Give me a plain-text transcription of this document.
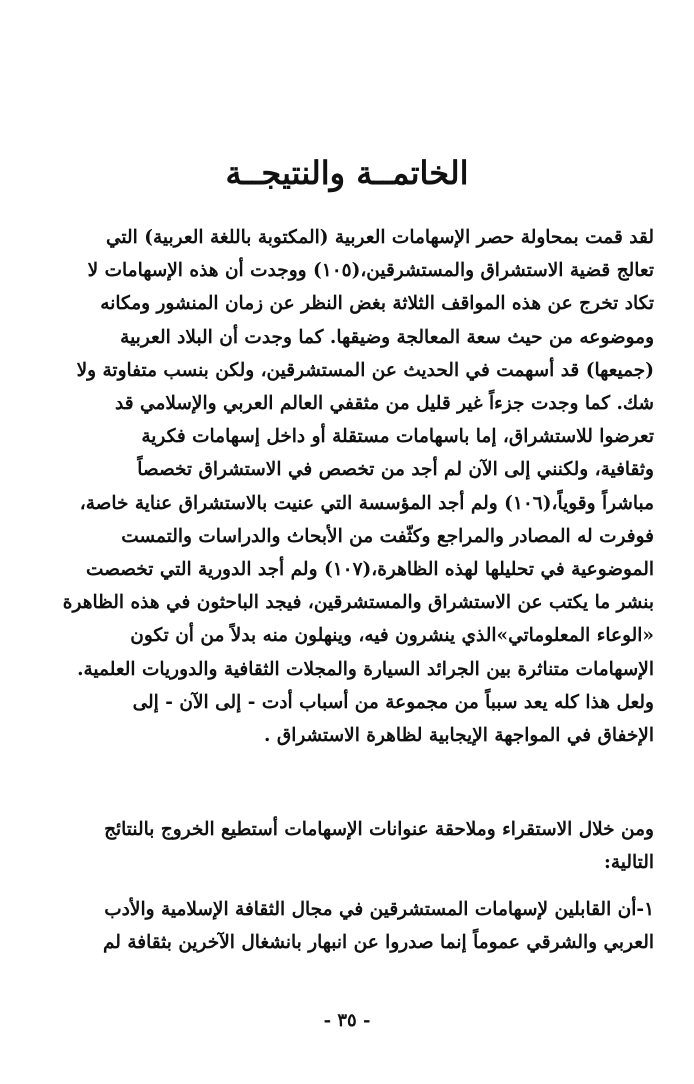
الخاتمــة والنتيجــة
لقد قمت بمحاولة حصر الإسهامات العربية (المكتوبة باللغة العربية) التي
تعالج قضية الاستشراق والمستشرقين،(١٠٥) ووجدت أن هذه الإسهامات لا
تكاد تخرج عن هذه المواقف الثلاثة بغض النظر عن زمان المنشور ومكانه
وموضوعه من حيث سعة المعالجة وضيقها. كما وجدت أن البلاد العربية
(جميعها) قد أسهمت في الحديث عن المستشرقين، ولكن بنسب متفاوتة ولا
شك. كما وجدت جزءاً غير قليل من مثقفي العالم العربي والإسلامي قد
تعرضوا للاستشراق، إما باسهامات مستقلة أو داخل إسهامات فكرية
وثقافية، ولكنني إلى الآن لم أجد من تخصص في الاستشراق تخصصاً
مباشراً وقوياً،(١٠٦) ولم أجد المؤسسة التي عنيت بالاستشراق عناية خاصة،
فوفرت له المصادر والمراجع وكثّفت من الأبحاث والدراسات والتمست
الموضوعية في تحليلها لهذه الظاهرة،(١٠٧) ولم أجد الدورية التي تخصصت
بنشر ما يكتب عن الاستشراق والمستشرقين، فيجد الباحثون في هذه الظاهرة
«الوعاء المعلوماتي»الذي ينشرون فيه، وينهلون منه بدلاً من أن تكون
الإسهامات متناثرة بين الجرائد السيارة والمجلات الثقافية والدوريات العلمية.
ولعل هذا كله يعد سبباً من مجموعة من أسباب أدت - إلى الآن - إلى
الإخفاق في المواجهة الإيجابية لظاهرة الاستشراق .
ومن خلال الاستقراء وملاحقة عنوانات الإسهامات أستطيع الخروج بالنتائج
التالية:
١-أن القابلين لإسهامات المستشرقين في مجال الثقافة الإسلامية والأدب
العربي والشرقي عموماً إنما صدروا عن انبهار بانشغال الآخرين بثقافة لم
- ٣٥ -
